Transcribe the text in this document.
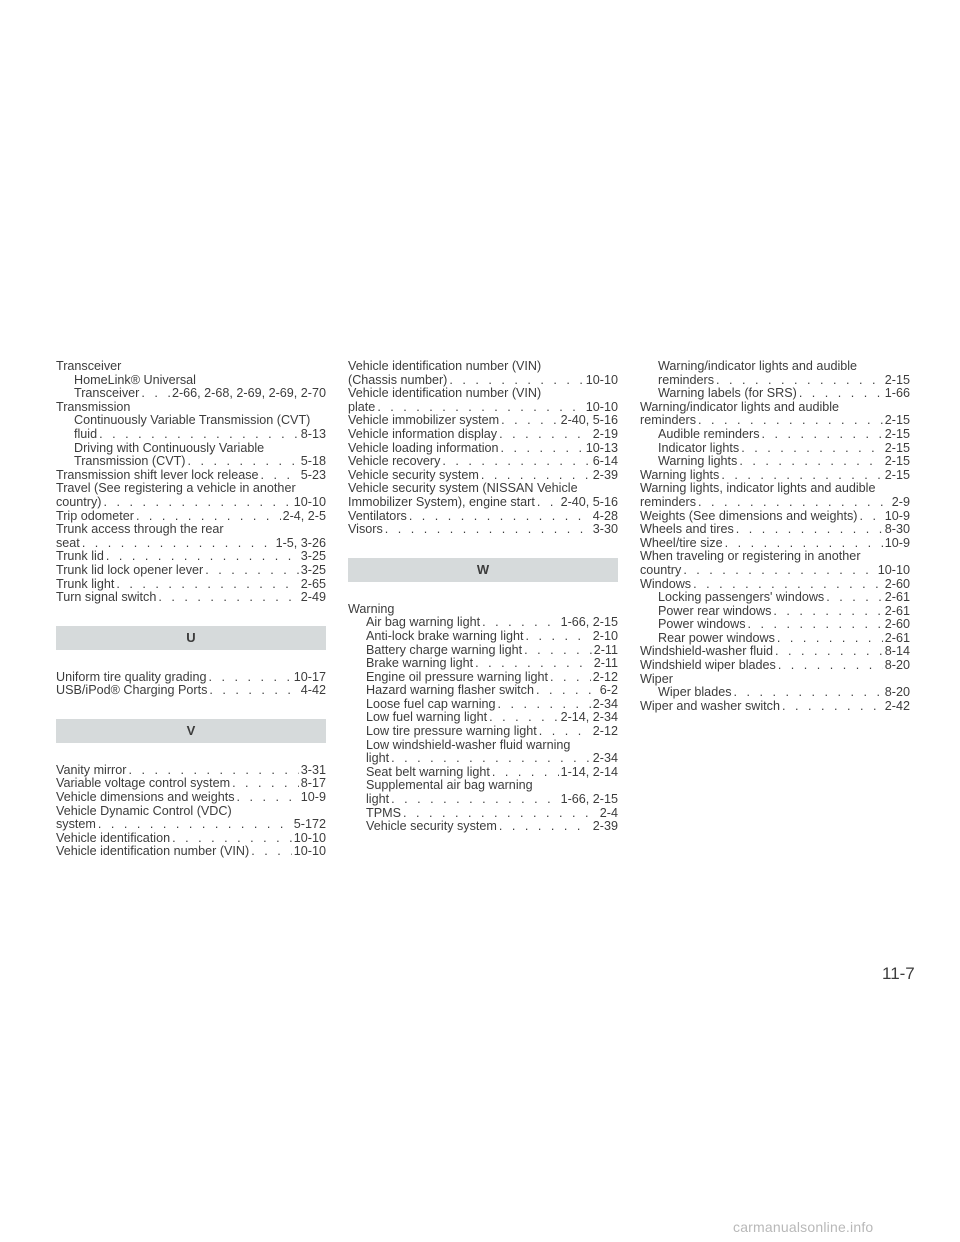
Transceiver
HomeLink® Universal
Transceiver . . .	2-66, 2-68, 2-69, 2-69, 2-70
Transmission
Continuously Variable Transmission (CVT)
fluid . . .	8-13
Driving with Continuously Variable
Transmission (CVT) . . .	5-18
Transmission shift lever lock release . . .	5-23
Travel (See registering a vehicle in another
country) . . .	10-10
Trip odometer . . .	2-4, 2-5
Trunk access through the rear
seat . . .	1-5, 3-26
Trunk lid . . .	3-25
Trunk lid lock opener lever . . .	3-25
Trunk light . . .	2-65
Turn signal switch . . .	2-49
U
Uniform tire quality grading . . .	10-17
USB/iPod® Charging Ports . . .	4-42
V
Vanity mirror . . .	3-31
Variable voltage control system . . .	8-17
Vehicle dimensions and weights . . .	10-9
Vehicle Dynamic Control (VDC)
system . . .	5-172
Vehicle identification . . .	10-10
Vehicle identification number (VIN) . . .	10-10
Vehicle identification number (VIN)
(Chassis number) . . .	10-10
Vehicle identification number (VIN)
plate . . .	10-10
Vehicle immobilizer system . . .	2-40, 5-16
Vehicle information display . . .	2-19
Vehicle loading information . . .	10-13
Vehicle recovery . . .	6-14
Vehicle security system . . .	2-39
Vehicle security system (NISSAN Vehicle
Immobilizer System), engine start . . . 2-40, 5-16
Ventilators . . .	4-28
Visors . . .	3-30
W
Warning
Air bag warning light . . .	1-66, 2-15
Anti-lock brake warning light . . .	2-10
Battery charge warning light . . .	2-11
Brake warning light . . .	2-11
Engine oil pressure warning light . . .	2-12
Hazard warning flasher switch . . .	6-2
Loose fuel cap warning . . .	2-34
Low fuel warning light . . .	2-14, 2-34
Low tire pressure warning light . . .	2-12
Low windshield-washer fluid warning
light . . .	2-34
Seat belt warning light . . .	1-14, 2-14
Supplemental air bag warning
light . . .	1-66, 2-15
TPMS . . .	2-4
Vehicle security system . . .	2-39
Warning/indicator lights and audible
reminders . . .	2-15
Warning labels (for SRS) . . .	1-66
Warning/indicator lights and audible
reminders . . .	2-15
Audible reminders . . .	2-15
Indicator lights . . .	2-15
Warning lights . . .	2-15
Warning lights . . .	2-15
Warning lights, indicator lights and audible
reminders . . .	2-9
Weights (See dimensions and weights) . . . 10-9
Wheels and tires . . .	8-30
Wheel/tire size . . .	10-9
When traveling or registering in another
country . . .	10-10
Windows . . .	2-60
Locking passengers' windows . . .	2-61
Power rear windows . . .	2-61
Power windows . . .	2-60
Rear power windows . . .	2-61
Windshield-washer fluid . . .	8-14
Windshield wiper blades . . .	8-20
Wiper
Wiper blades . . .	8-20
Wiper and washer switch . . .	2-42
11-7
carmanualsonline.info
